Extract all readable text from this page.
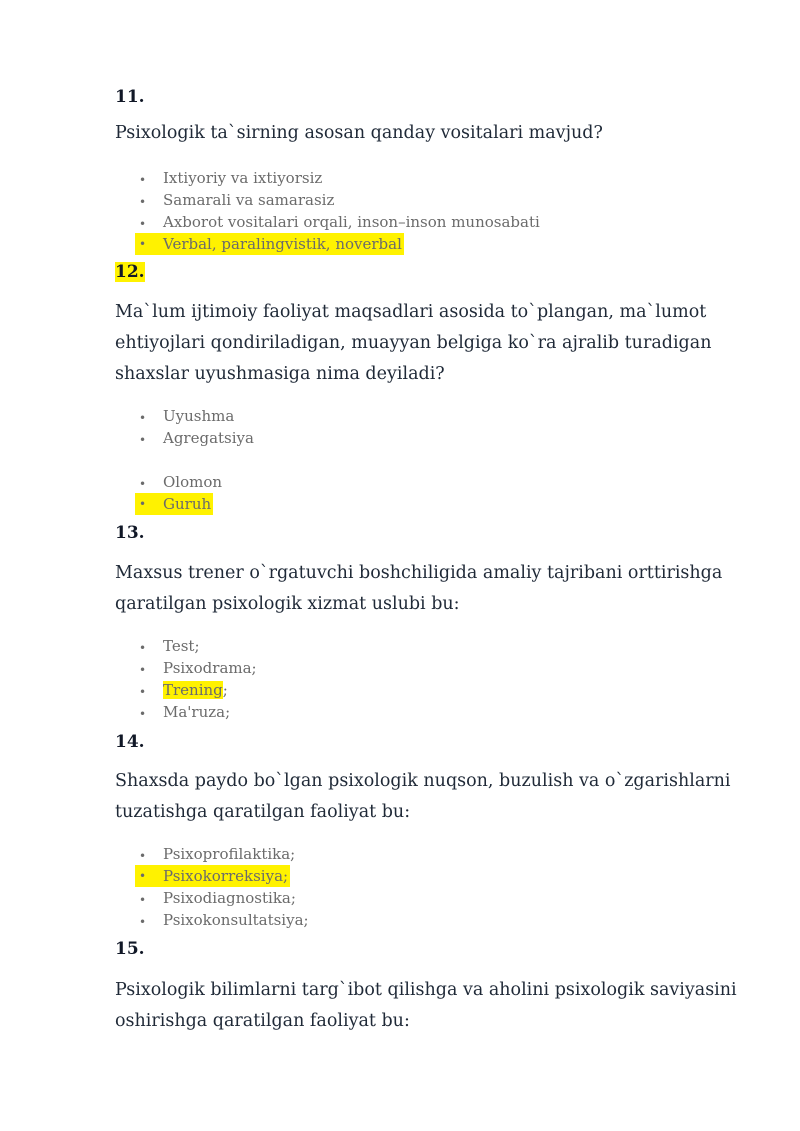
11.
Psixologik ta`sirning asosan qanday vositalari mavjud?
• Ixtiyoriy va ixtiyorsiz
• Samarali va samarasiz
• Axborot vositalari orqali, inson–inson munosabati
• Verbal, paralingvistik, noverbal
12.
Ma`lum ijtimoiy faoliyat maqsadlari asosida to`plangan, ma`lumot ehtiyojlari qondiriladigan, muayyan belgiga ko`ra ajralib turadigan shaxslar uyushmasiga nima deyiladi?
• Uyushma
• Agregatsiya
• Olomon
• Guruh
13.
Maxsus trener o`rgatuvchi boshchiligida amaliy tajribani orttirishga qaratilgan psixologik xizmat uslubi bu:
• Test;
• Psixodrama;
• Trening;
• Ma'ruza;
14.
Shaxsda paydo bo`lgan psixologik nuqson, buzulish va o`zgarishlarni tuzatishga qaratilgan faoliyat bu:
• Psixoprofilaktika;
• Psixokorreksiya;
• Psixodiagnostika;
• Psixokonsultatsiya;
15.
Psixologik bilimlarni targ`ibot qilishga va aholini psixologik saviyasini oshirishga qaratilgan faoliyat bu:
